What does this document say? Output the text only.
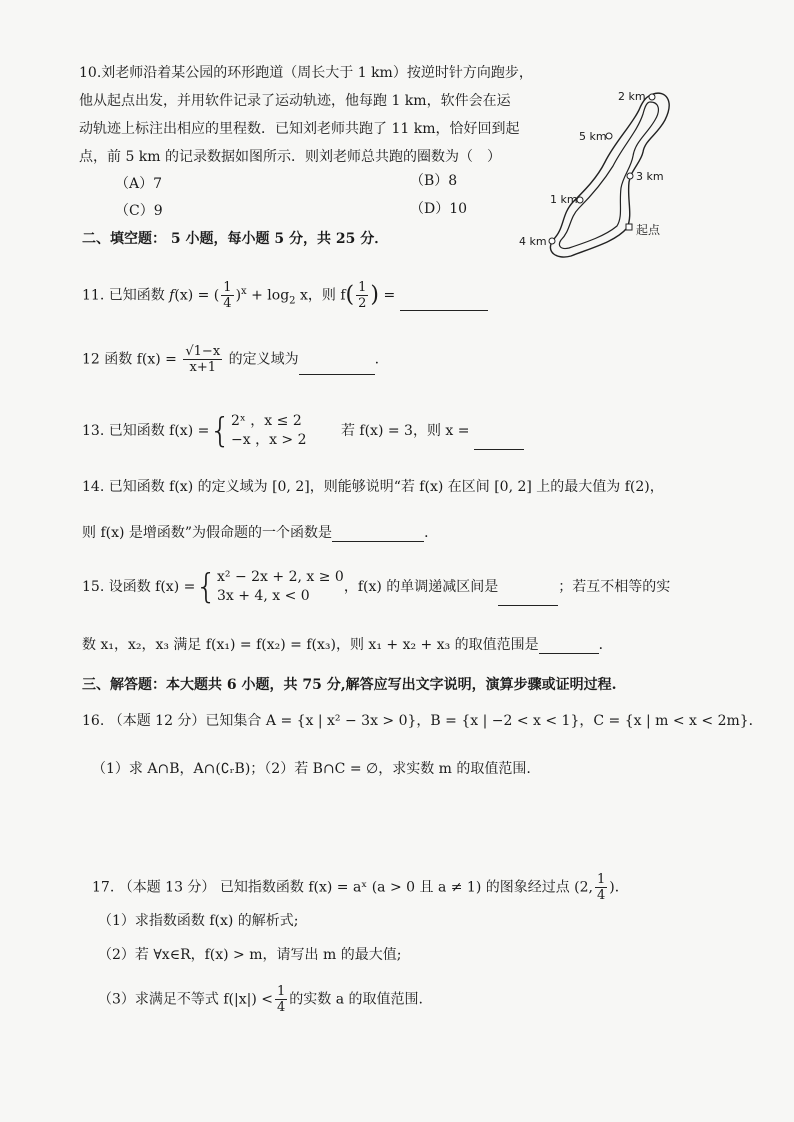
10.刘老师沿着某公园的环形跑道（周长大于 1 km）按逆时针方向跑步，
他从起点出发，并用软件记录了运动轨迹，他每跑 1 km，软件会在运
动轨迹上标注出相应的里程数．已知刘老师共跑了 11 km，恰好回到起
点，前 5 km 的记录数据如图所示．则刘老师总共跑的圈数为（　）
（A）7	（B）8
（C）9	（D）10
2 km
5 km
3 km
1 km
4 km
起点
二、填空题： 5 小题，每小题 5 分，共 25 分．
11. 已知函数 f(x) = ( $\frac{1}{4} )^x + \log_2 x$，则 $f( \frac{1}{2}$ ) =
12 函数 $f(x) = \frac{√1-x}{x+1}$ 的定义域为	.
13. 已知函数 f(x) ={ 2ˣ ，x ≤ 2
−x ，x > 2
若 f(x) = 3，则 x =
14. 已知函数 f(x) 的定义域为 [0, 2]，则能够说明“若 f(x) 在区间 [0, 2] 上的最大值为 f(2)，
则 f(x) 是增函数”为假命题的一个函数是	．
15. 设函数 f(x) ={ x² − 2x + 2, x ≥ 0
3x + 4, x < 0
，f(x) 的单调递减区间是	；若互不相等的实
数 x₁，x₂，x₃ 满足 f(x₁) = f(x₂) = f(x₃)，则 x₁ + x₂ + x₃ 的取值范围是	．
三、解答题：本大题共 6 小题，共 75 分,解答应写出文字说明，演算步骤或证明过程.
16. （本题 12 分）已知集合 A = {x | x² − 3x > 0}，B = {x | −2 < x < 1}，C = {x | m < x < 2m}．
（1）求 A∩B，A∩(∁ᵣB)；（2）若 B∩C = ∅，求实数 m 的取值范围.
17. （本题 13 分） 已知指数函数 f(x) = aˣ (a > 0 且 a ≠ 1) 的图象经过点 (2, $\frac{1}{4}$ )．
（1）求指数函数 f(x) 的解析式;
（2）若 ∀x∈R，f(x) > m，请写出 m 的最大值;
（3）求满足不等式 $f(|x|) < \frac{1}{4}$ 的实数 a 的取值范围.
